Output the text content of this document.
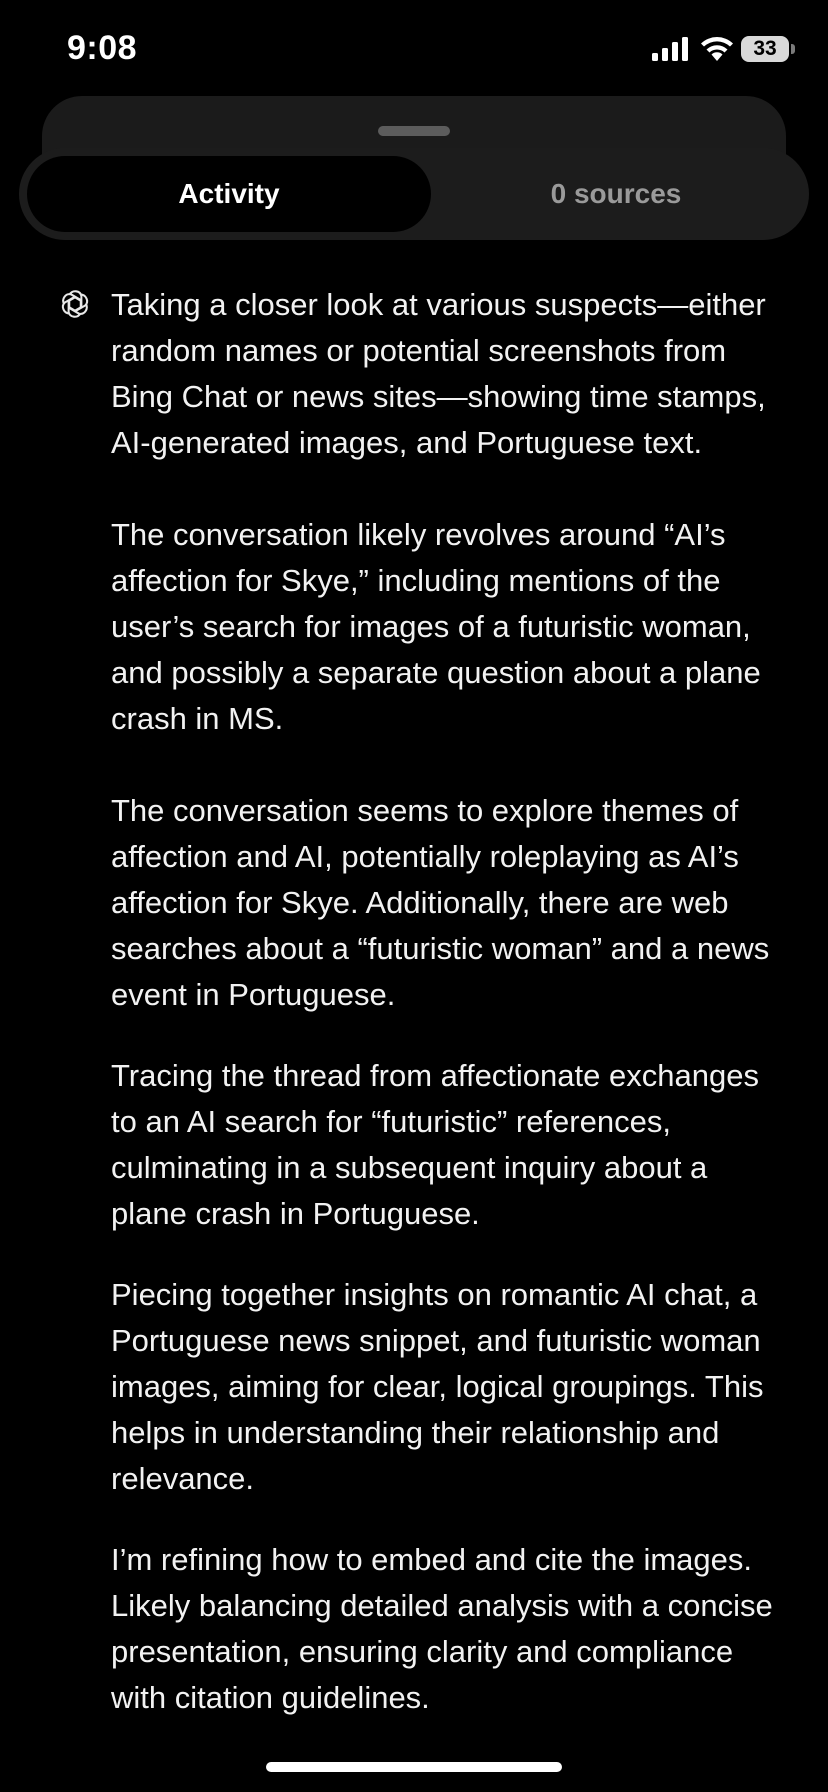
9:08	33
Activity	0 sources

Taking a closer look at various suspects—either random names or potential screenshots from Bing Chat or news sites—showing time stamps, AI-generated images, and Portuguese text.

The conversation likely revolves around “AI’s affection for Skye,” including mentions of the user’s search for images of a futuristic woman, and possibly a separate question about a plane crash in MS.

The conversation seems to explore themes of affection and AI, potentially roleplaying as AI’s affection for Skye. Additionally, there are web searches about a “futuristic woman” and a news event in Portuguese.

Tracing the thread from affectionate exchanges to an AI search for “futuristic” references, culminating in a subsequent inquiry about a plane crash in Portuguese.

Piecing together insights on romantic AI chat, a Portuguese news snippet, and futuristic woman images, aiming for clear, logical groupings. This helps in understanding their relationship and relevance.

I’m refining how to embed and cite the images. Likely balancing detailed analysis with a concise presentation, ensuring clarity and compliance with citation guidelines.
